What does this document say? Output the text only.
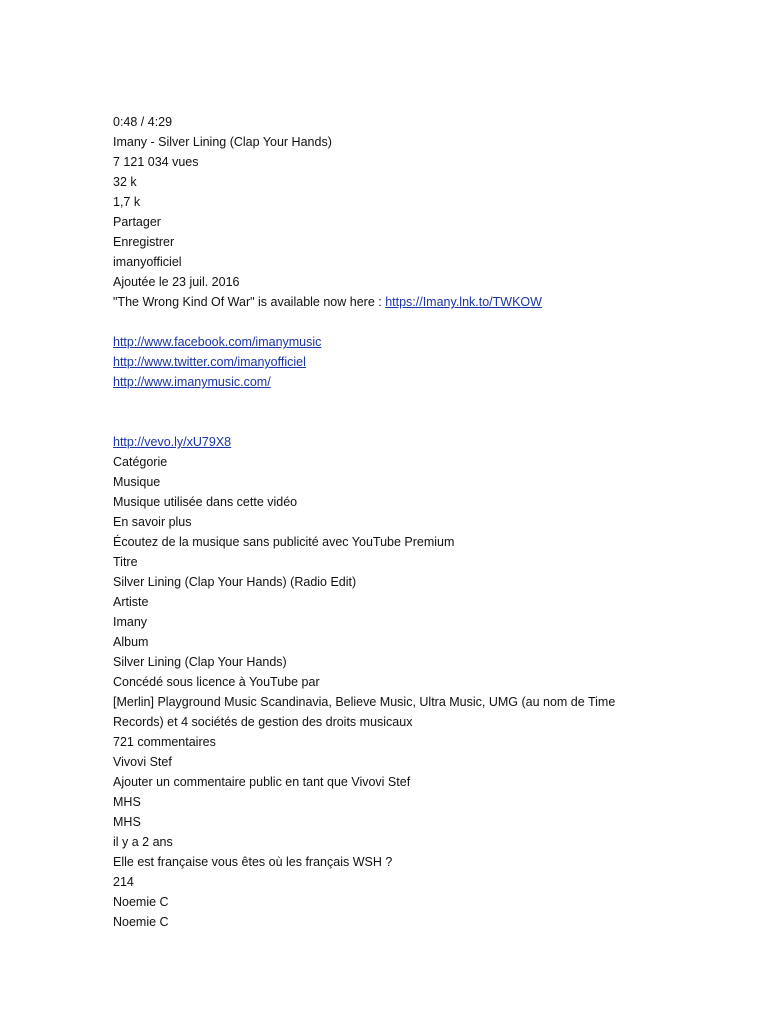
0:48 / 4:29
Imany - Silver Lining (Clap Your Hands)
7 121 034 vues
32 k
1,7 k
Partager
Enregistrer
imanyofficiel
Ajoutée le 23 juil. 2016
"The Wrong Kind Of War" is available now here : https://Imany.lnk.to/TWKOW
http://www.facebook.com/imanymusic
http://www.twitter.com/imanyofficiel
http://www.imanymusic.com/
http://vevo.ly/xU79X8
Catégorie
Musique
Musique utilisée dans cette vidéo
En savoir plus
Écoutez de la musique sans publicité avec YouTube Premium
Titre
Silver Lining (Clap Your Hands) (Radio Edit)
Artiste
Imany
Album
Silver Lining (Clap Your Hands)
Concédé sous licence à YouTube par
[Merlin] Playground Music Scandinavia, Believe Music, Ultra Music, UMG (au nom de Time Records) et 4 sociétés de gestion des droits musicaux
721 commentaires
Vivovi Stef
Ajouter un commentaire public en tant que Vivovi Stef
MHS
MHS
il y a 2 ans
Elle est française vous êtes où les français WSH ?
214
Noemie C
Noemie C
